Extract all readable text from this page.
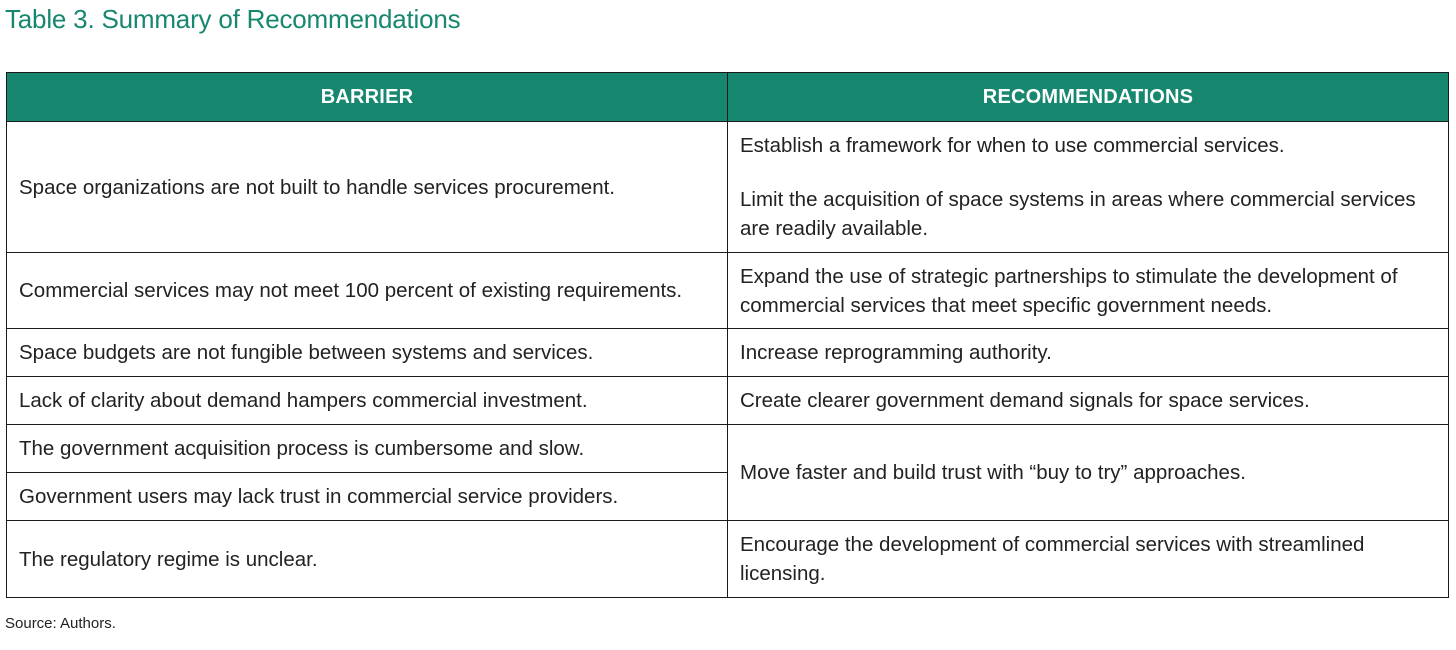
Table 3. Summary of Recommendations
BARRIER	RECOMMENDATIONS
Space organizations are not built to handle services procurement.	Establish a framework for when to use commercial services.
Limit the acquisition of space systems in areas where commercial services are readily available.

Commercial services may not meet 100 percent of existing requirements.	Expand the use of strategic partnerships to stimulate the development of commercial services that meet specific government needs.
Space budgets are not fungible between systems and services.	Increase reprogramming authority.
Lack of clarity about demand hampers commercial investment.	Create clearer government demand signals for space services.
The government acquisition process is cumbersome and slow.	Move faster and build trust with “buy to try” approaches.
Government users may lack trust in commercial service providers.	
The regulatory regime is unclear.	Encourage the development of commercial services with streamlined licensing.
Source: Authors.
